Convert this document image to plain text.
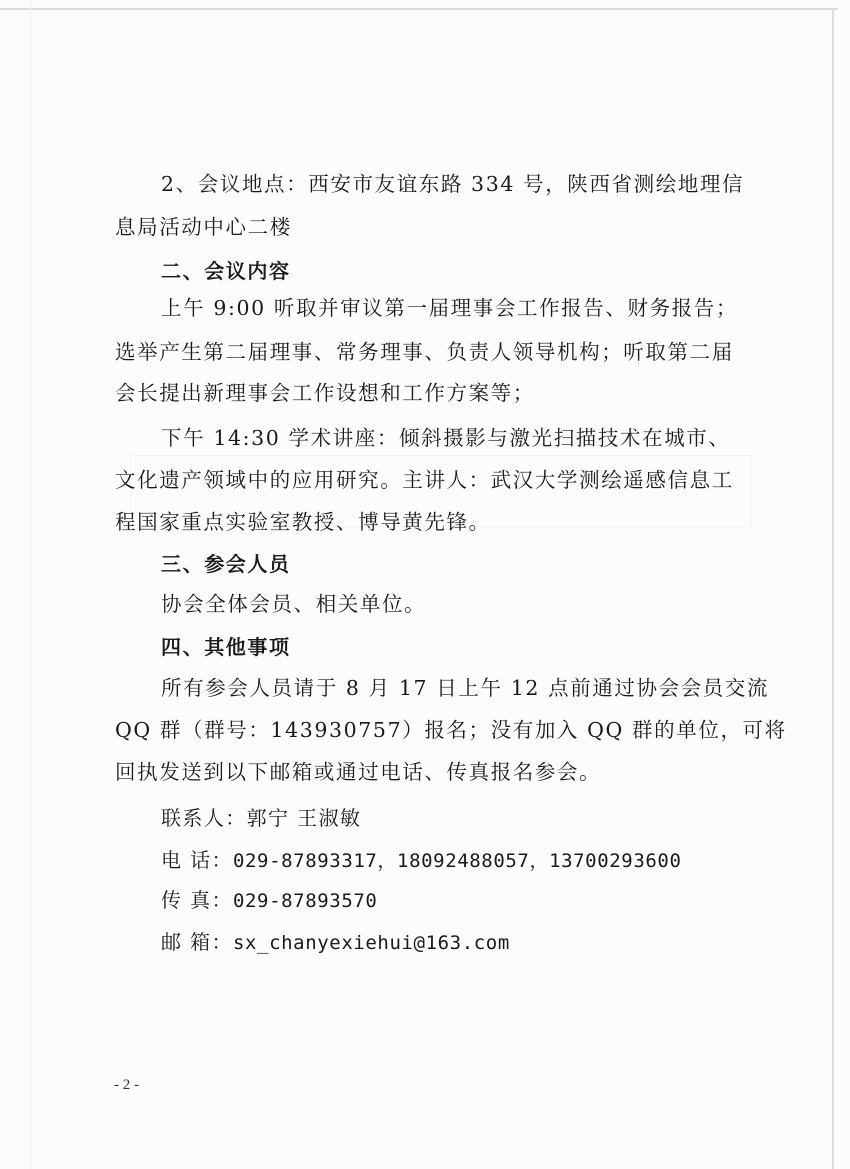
2、会议地点：西安市友谊东路 334 号，陕西省测绘地理信
息局活动中心二楼
二、会议内容
上午 9:00 听取并审议第一届理事会工作报告、财务报告；
选举产生第二届理事、常务理事、负责人领导机构；听取第二届
会长提出新理事会工作设想和工作方案等；
下午 14:30 学术讲座：倾斜摄影与激光扫描技术在城市、
文化遗产领域中的应用研究。主讲人：武汉大学测绘遥感信息工
程国家重点实验室教授、博导黄先锋。
三、参会人员
协会全体会员、相关单位。
四、其他事项
所有参会人员请于 8 月 17 日上午 12 点前通过协会会员交流
QQ 群（群号：143930757）报名；没有加入 QQ 群的单位，可将
回执发送到以下邮箱或通过电话、传真报名参会。
联系人：郭宁 王淑敏
电 话：029-87893317，18092488057，13700293600
传 真：029-87893570
邮 箱：sx_chanyexiehui@163.com
- 2 -
